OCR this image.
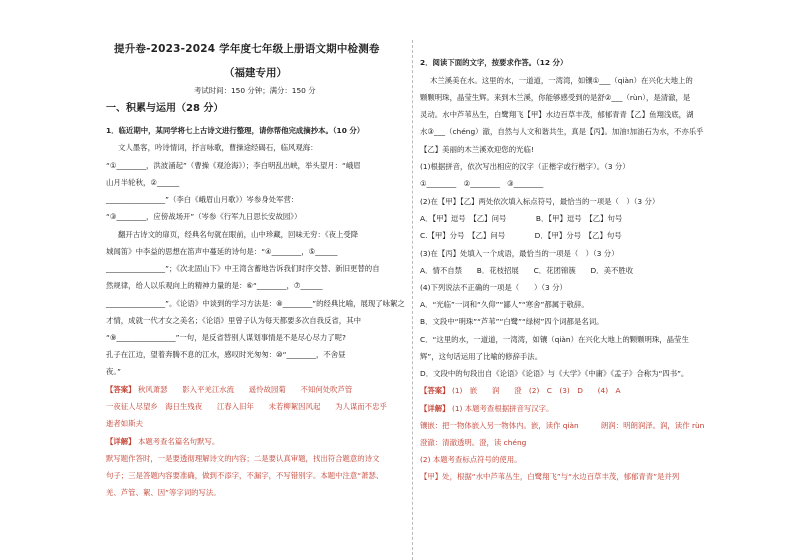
提升卷-2023-2024 学年度七年级上册语文期中检测卷
（福建专用）
考试时间：150 分钟；满分：150 分
一、积累与运用（28 分）
1．临近期中，某同学将七上古诗文进行整理，请你帮他完成摘抄本。（10 分）
文人墨客，吟诗情词，抒言咏歌，曹操途经碣石，临风观海：
“①________，洪波涌起”（曹操《观沧海》）；李白明乱出峡，举头望月：“峨眉
山月半轮秋，②______
________________”（李白《峨眉山月歌》）岑参身处军营：
“③________，应傍战场开”（岑参《行军九日思长安故园》）
翻开古诗文的扉页，经典名句就在眼前，山中珍藏，回味无穷：《夜上受降
城闻笛》中李益的思想在笛声中蔓延的诗句是：“④________，⑤______
________________”；《次北固山下》中王湾含蓄地告诉我们时序交替、新旧更替的自
然规律，给人以乐观向上的精神力量的是：⑥“________，⑦______
________________”。《论语》中谈到的学习方法是：⑧________”的经典比喻，展现了咏絮之
才情，成就一代才女之美名；《论语》里曾子认为每天都要多次自我反省，其中
“⑨________________”一句，是反省替别人谋划事情是不是尽心尽力了呢?
孔子在江边，望着奔腾不息的江水，感叹时光匆匆：⑩“________，不舍昼
夜。”
【答案】 秋风萧瑟　　影入平羌江水流　　遥怜故园菊　　不知何处吹芦管
一夜征人尽望乡　海日生残夜　　江春入旧年　　未若柳絮因风起　　为人谋而不忠乎
逝者如斯夫
【详解】 本题考查名篇名句默写。
默写题作答时，一是要透彻理解诗文的内容；二是要认真审题，找出符合题意的诗文
句子；三是答题内容要准确，做到不添字，不漏字，不写错别字。本题中注意“萧瑟、
羌、芦管、絮、因”等字词的写法。
2．阅读下面的文字，按要求作答。（12 分）
木兰溪美在水。这里的水，一道道，一湾湾，如镶①___（qiàn）在兴化大地上的
颗颗明珠，晶莹生辉。来到木兰溪，你能够感受到的是舒②___（rùn），是清澈，是
灵动。水中芦苇丛生，白鹭翔飞【甲】水边百草丰茂，郁郁青青【乙】鱼翔浅底，湖
水③___（chéng）澈，自然与人文和谐共生，真是【丙】。加油!加油石为水，不亦乐乎
【乙】美丽的木兰溪欢迎您的光临!
(1)根据拼音，依次写出相应的汉字（正楷字或行楷字）。（3 分）
①________　②________　③________
(2)在【甲】【乙】两处依次填入标点符号，最恰当的一项是（　）（3 分）
A．【甲】逗号　【乙】问号　　　　B．【甲】逗号　【乙】句号
C.【甲】分号　【乙】问号　　　　D．【甲】分号　【乙】句号
(3)在【丙】处填入一个成语，最恰当的一项是（　）（3 分）
A．情不自禁　　B．花枝招展　　C．花团锦簇　　D．美不胜收
(4)下列说法不正确的一项是（　　）（3 分）
A．“光临”一词和“久仰”“鄙人”“寒舍”都属于敬辞。
B．文段中“明珠”“芦苇”“白鹭”“绿树”四个词都是名词。
C．“这里的水，一道道，一湾湾，如镶（qiàn）在兴化大地上的颗颗明珠，晶莹生
辉”，这句话运用了比喻的修辞手法。
D．文段中的句段出自《论语》《论语》与《大学》《中庸》《孟子》合称为“四书”。
【答案】 (1)　嵌　　润　　澄　(2)　C　(3)　D　　(4)　A
【详解】 (1) 本题考查根据拼音写汉字。
镶嵌：把一物体嵌入另一物体内。嵌，读作 qiàn　　　朗润：明朗润泽。润，读作 rùn
澄澈：清澈透明。澄，读 chéng
(2) 本题考查标点符号的使用。
【甲】处，根据“水中芦苇丛生，白鹭翔飞”与“水边百草丰茂，郁郁青青”是并列
